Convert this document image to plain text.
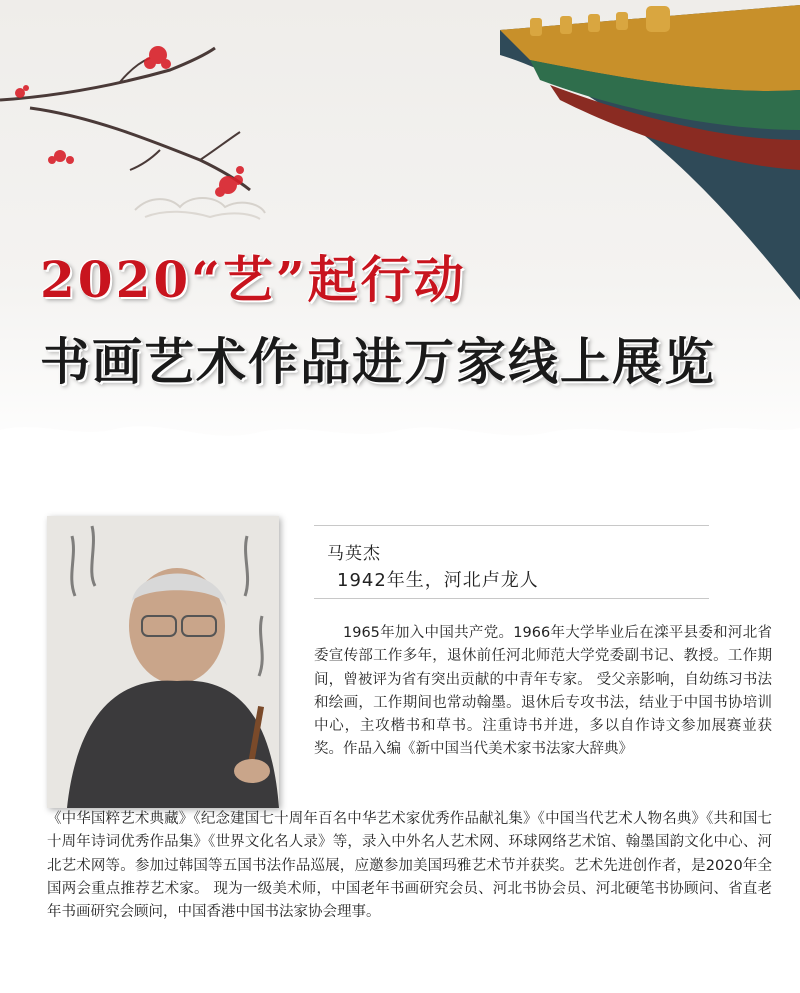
2020“艺”起行动
书画艺术作品进万家线上展览
马英杰
1942年生，河北卢龙人

1965年加入中国共产党。1966年大学毕业后在滦平县委和河北省委宣传部工作多年，退休前任河北师范大学党委副书记、教授。工作期间，曾被评为省有突出贡献的中青年专家。 受父亲影响，自幼练习书法和绘画，工作期间也常动翰墨。退休后专攻书法，结业于中国书协培训中心，主攻楷书和草书。注重诗书并进，多以自作诗文参加展赛並获奖。作品入编《新中国当代美术家书法家大辞典》

《中华国粹艺术典藏》《纪念建国七十周年百名中华艺术家优秀作品献礼集》《中国当代艺术人物名典》《共和国七十周年诗词优秀作品集》《世界文化名人录》等，录入中外名人艺术网、环球网络艺术馆、翰墨国韵文化中心、河北艺术网等。参加过韩国等五国书法作品巡展，应邀参加美国玛雅艺术节并获奖。艺术先进创作者，是2020年全国两会重点推荐艺术家。 现为一级美术师，中国老年书画研究会员、河北书协会员、河北硬笔书协顾问、省直老年书画研究会顾问，中国香港中国书法家协会理事。
